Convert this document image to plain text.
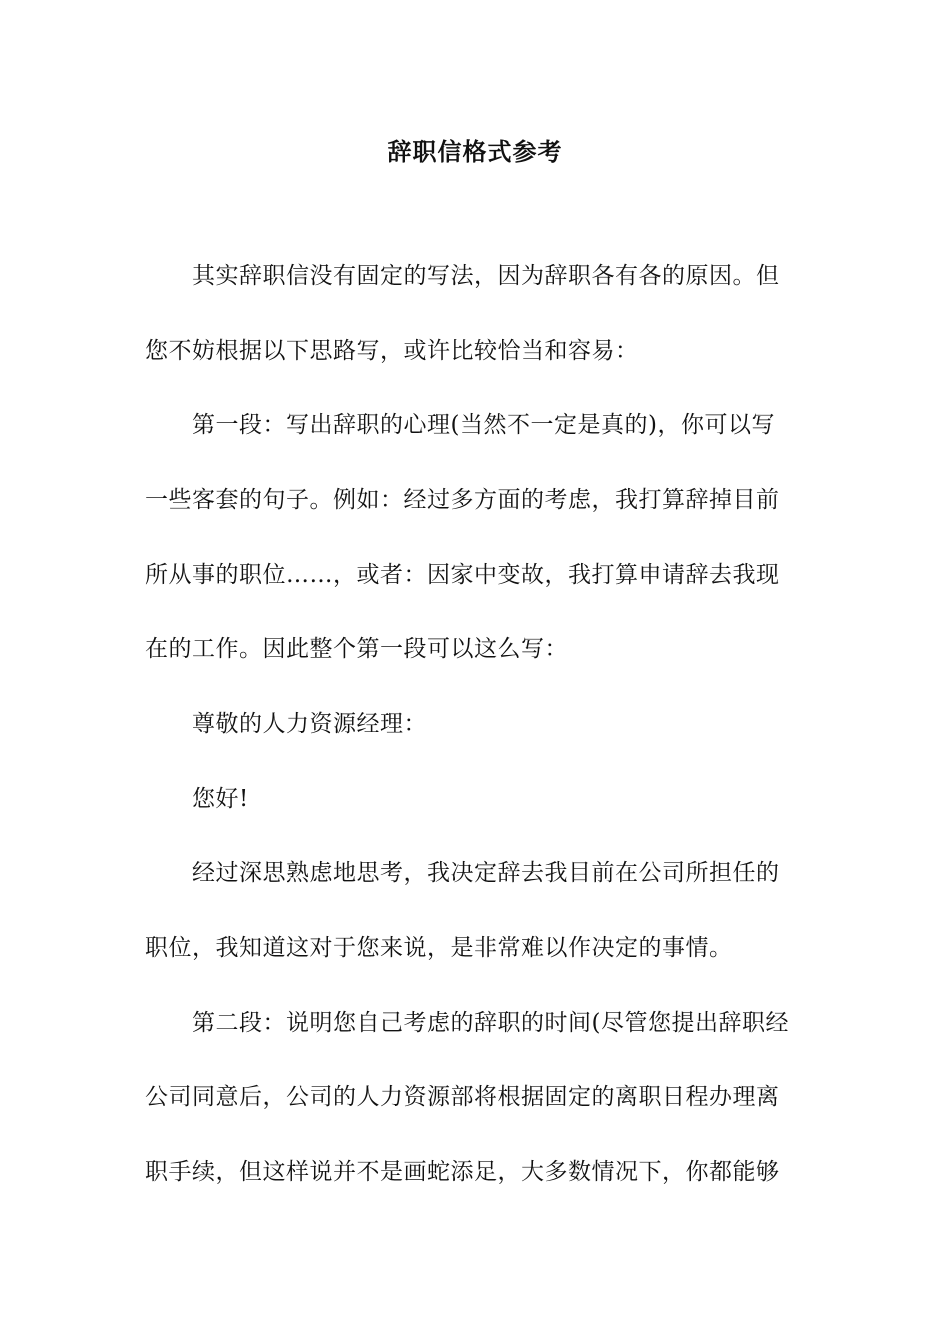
辞职信格式参考
其实辞职信没有固定的写法，因为辞职各有各的原因。但
您不妨根据以下思路写，或许比较恰当和容易：
第一段：写出辞职的心理(当然不一定是真的)，你可以写
一些客套的句子。例如：经过多方面的考虑，我打算辞掉目前
所从事的职位……，或者：因家中变故，我打算申请辞去我现
在的工作。因此整个第一段可以这么写：
尊敬的人力资源经理：
您好!
经过深思熟虑地思考，我决定辞去我目前在公司所担任的
职位，我知道这对于您来说，是非常难以作决定的事情。
第二段：说明您自己考虑的辞职的时间(尽管您提出辞职经
公司同意后，公司的人力资源部将根据固定的离职日程办理离
职手续，但这样说并不是画蛇添足，大多数情况下，你都能够
